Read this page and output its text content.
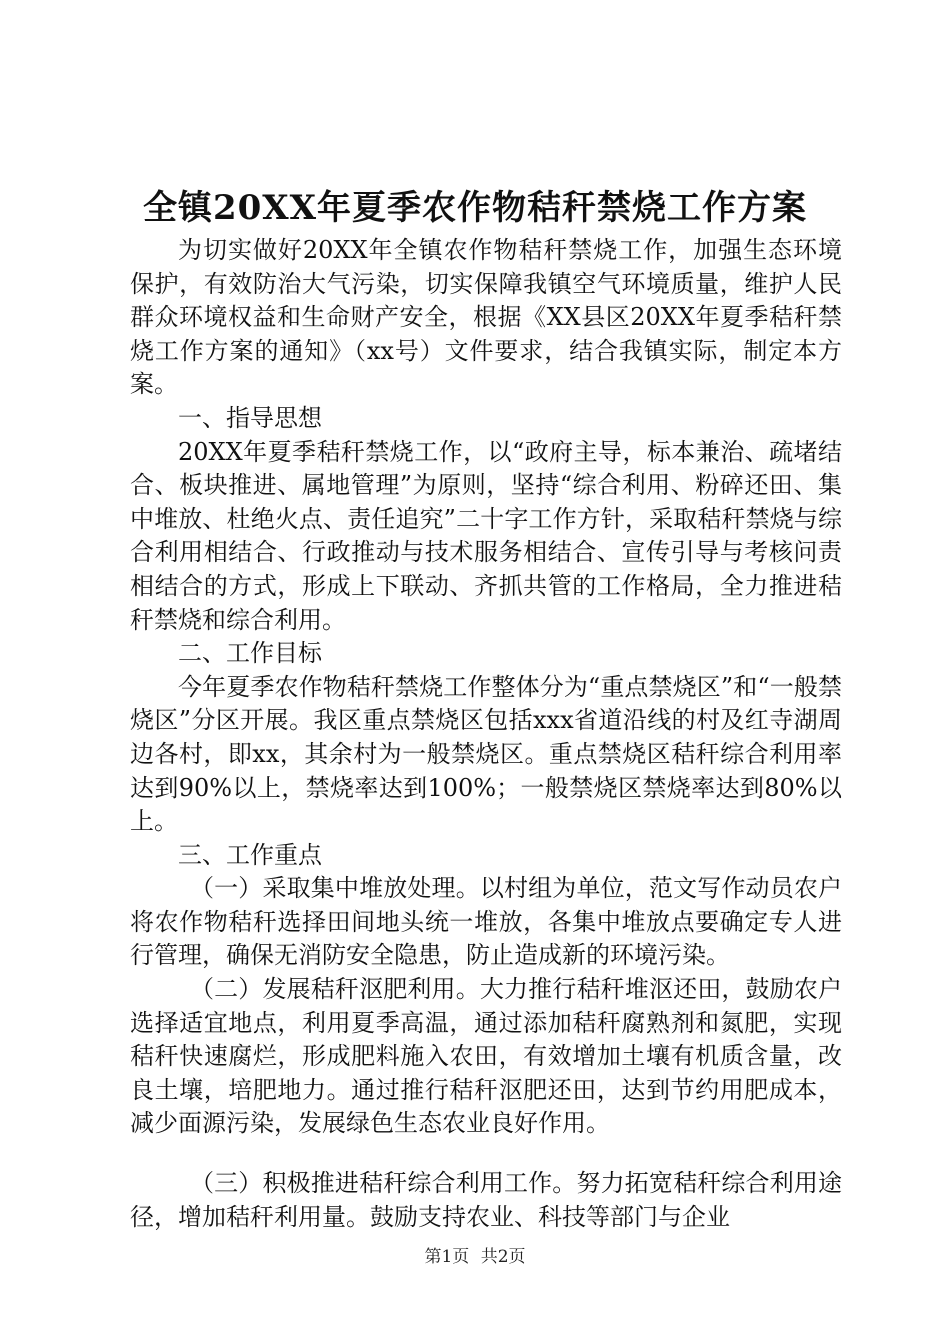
全镇20XX年夏季农作物秸秆禁烧工作方案

为切实做好20XX年全镇农作物秸秆禁烧工作，加强生态环境保护，有效防治大气污染，切实保障我镇空气环境质量，维护人民群众环境权益和生命财产安全，根据《XX县区20XX年夏季秸秆禁烧工作方案的通知》（xx号）文件要求，结合我镇实际，制定本方案。

一、指导思想

20XX年夏季秸秆禁烧工作，以“政府主导，标本兼治、疏堵结合、板块推进、属地管理”为原则，坚持“综合利用、粉碎还田、集中堆放、杜绝火点、责任追究”二十字工作方针，采取秸秆禁烧与综合利用相结合、行政推动与技术服务相结合、宣传引导与考核问责相结合的方式，形成上下联动、齐抓共管的工作格局，全力推进秸秆禁烧和综合利用。

二、工作目标

今年夏季农作物秸秆禁烧工作整体分为“重点禁烧区”和“一般禁烧区”分区开展。我区重点禁烧区包括xxx省道沿线的村及红寺湖周边各村，即xx，其余村为一般禁烧区。重点禁烧区秸秆综合利用率达到90%以上，禁烧率达到100%；一般禁烧区禁烧率达到80%以上。

三、工作重点

（一）采取集中堆放处理。以村组为单位，范文写作动员农户将农作物秸秆选择田间地头统一堆放，各集中堆放点要确定专人进行管理，确保无消防安全隐患，防止造成新的环境污染。

（二）发展秸秆沤肥利用。大力推行秸秆堆沤还田，鼓励农户选择适宜地点，利用夏季高温，通过添加秸秆腐熟剂和氮肥，实现秸秆快速腐烂，形成肥料施入农田，有效增加土壤有机质含量，改良土壤，培肥地力。通过推行秸秆沤肥还田，达到节约用肥成本，减少面源污染，发展绿色生态农业良好作用。

（三）积极推进秸秆综合利用工作。努力拓宽秸秆综合利用途径，增加秸秆利用量。鼓励支持农业、科技等部门与企业

第1页 共2页
